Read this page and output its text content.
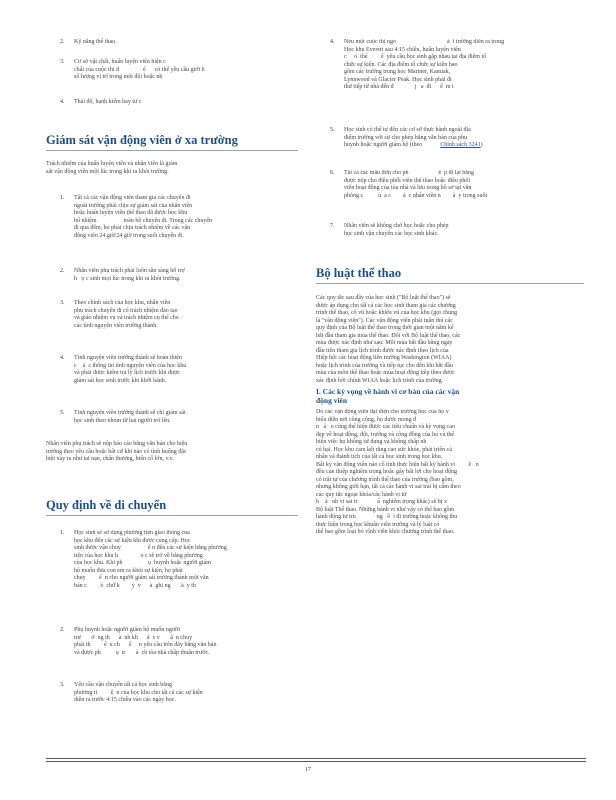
2. Kỹ năng thể thao.
3. Cơ sở vật chất, huấn luyện viên hiện c
chất của cuộc thi đ                ể      có thể yêu cầu giới h
số lượng vị trí trong một đội hoặc nh
4. Thái độ, hạnh kiểm hay tư c
Giám sát vận động viên ở xa trường
Trách nhiệm của huấn luyện viên và nhân viên là giám
sát vận động viên một lúc trong khi ra khỏi trường.
1. Tất cả các vận động viên tham gia các chuyến đi
ngoài trường phải chịu sự giám sát của nhân viên
hoặc huấn luyện viên thể thao đã được học khu
bổ nhiệm                  toàn bộ chuyến đi. Trong các chuyến
đi qua đêm, họ phải chịu trách nhiệm về các vận
động viên 24 giờ/24 giờ trong suốt chuyến đi.
2. Nhân viên phụ trách phải luôn sẵn sàng hỗ trợ
h   ọ c sinh mọi lúc trong khi ra khỏi trường.
3. Theo chính sách của học khu, nhân viên
phụ trách chuyến đi có trách nhiệm đảo tạo
và giáo nhiệm vụ và trách nhiệm cụ thể cho
các tình nguyện viên trường thành.
4. Tình nguyện viên trưởng thành sẽ hoàn thiện
c    ả  c thông tin tình nguyện viên của học khu
và phải được kiểm tra lý lịch trước khi được
giám sát học sinh trước khi khởi hành.
5. Tình nguyện viên trưởng thành sẽ chỉ giám sát
học sinh theo nhóm từ hai người trở lên.
Nhân viên phụ trách sẽ nộp báo cáo bằng văn bản cho hiệu
trưởng theo yêu cầu hoặc bất cứ khi nào có tình huống đặc
biệt xảy ra như tai nạn, chấn thương, biến cố lớn, v.v.
Quy định về di chuyển
1. Học sinh sẽ sử dụng phương tiện giao thông của
học khu đến các sự kiện khi được cung cấp. Học
sinh được vận chuy                  ể n đến các sự kiện bằng phương
tiện của học khu h               ọ c sẽ trở về bằng phương
của học khu. Khi ph                 ụ  huynh hoặc người giám
hộ muốn đưa con em ra khỏi sự kiện, họ phải
chuy         ể  n cho người giám sát trường thành một văn
bản c         ó  chữ k        ý  v      à  ghi ng       à  y th
2. Phụ huynh hoặc người giám hộ muốn người
trư       ở  ng th      à  nh kh      á  c v       ậ  n chuy
phát th         ể  u ch      ế     n yêu cầu trên đây bằng văn bản
và được ph          ụ  tr       á  ch tòa nhà chấp thuận trước.
3. Yêu cầu vận chuyển tất cả học sinh bằng
phương ti         ệ  n của học khu cho tất cả các sự kiện
diễn ra trước 4:15 chiều vào các ngày học.
4. Nếu một cuộc thi ngo                                  à  i trường diễn ra trong
Học khu Everett sau 4:15 chiều, huấn luyện viên
c     ó  thể         ể  yêu cầu học sinh gặp nhau tại địa điểm tổ
chức sự kiện. Các địa điểm tổ chức sự kiện bao
gồm các trường trung học Mariner, Kamiak,
Lynnwood và Glacier Peak. Học sinh phải đi
thử tiếp từ nhà đến đ              j   a  đi      ể  m t
5. Học sinh có thể tự đến các cơ sở thực hành ngoài địa
điểm trường với sự cho phép bằng văn bản của phụ
huynh hoặc người giám hộ (theo	Chính sách 3241)
6. Tất cả các mẫu đơn cho ph                    ế  p đi lại bằng
được nộp cho điều phối viên thể thao hoặc điều phối
viên hoạt động của tòa nhà và lưu trong hồ sơ tại văn
phòng c          ủ  a c        á  c nhân viên n        à  y trong suốt
7. Nhân viên sẽ không chở học hoặc cho phép
học sinh vận chuyển các học sinh khác.
Bộ luật thể thao
Các quy tắc sau đây của học sinh ("Bộ luật thể thao") sẽ
được áp dụng cho tất cả các học sinh tham gia các chương
trình thể thao, cổ vũ hoặc khiêu vũ của học khu (gọi chung
là "vận động viên"). Các vận động viên phải tuân thủ các
quy định của Bộ luật thể thao trong thời gian một năm kể
bắt đầu tham gia mùa thể thao. Đối với Bộ luật thể thao, các
mùa được xác định như sau: Mỗi mùa bắt đầu bằng ngày
đầu tiên tham gia lịch trình được xác định theo lịch của
Hiệp hội các hoạt động liên trường Washington (WIAA)
hoặc lịch trình của trường và tiếp tục cho đến khi bắt đầu
mùa của môn thể thao hoặc mùa hoạt động tiếp theo được
xác định bởi chính WIAA hoặc lịch trình của trường.
I. Các kỳ vọng về hành vi cơ bản của các vận
động viên
Do các vận động viên đại diện cho trường học của họ v
biểu diễn nơi công cộng, họ được mong đ
n   ả   o cũng thể hiện được các tiêu chuẩn và kỳ vọng cao
đẹp về hoạt động, đội, trường và cộng đồng của họ và thể
hiện việc họ không sử dụng và không chấp nh
có hại. Học khu cam kết rằng cao sức khỏe, phát triển cá
nhân và thành tích của tất cả học sinh trong học khu.
Bất kỳ vận động viên nào cố tình thực hiện bất kỳ hành vi         ề   n
đều can thiệp nghiêm trọng hoặc gây bất lợi cho hoạt động
có trật tự của chương trình thể thao của trường (bao gồm,
nhưng không giới hạn, tất cả các hành vi sai trái bị cấm theo
các quy tắc ngoại khóa/các hành vi từ
h    à   nh vi sai tr             ấ  nghiêm trọng khác) sẽ bị x
Bộ luật Thể thao. Những hành vi như vậy có thể bao gồm
hành động tư tru              ng   ồ  i đi trường hoặc không thu
thực hiện trong học khuân viên trường và lý luật có
thể bao gồm loại bỏ vĩnh viễn khỏi chương trình thể thao.
17
